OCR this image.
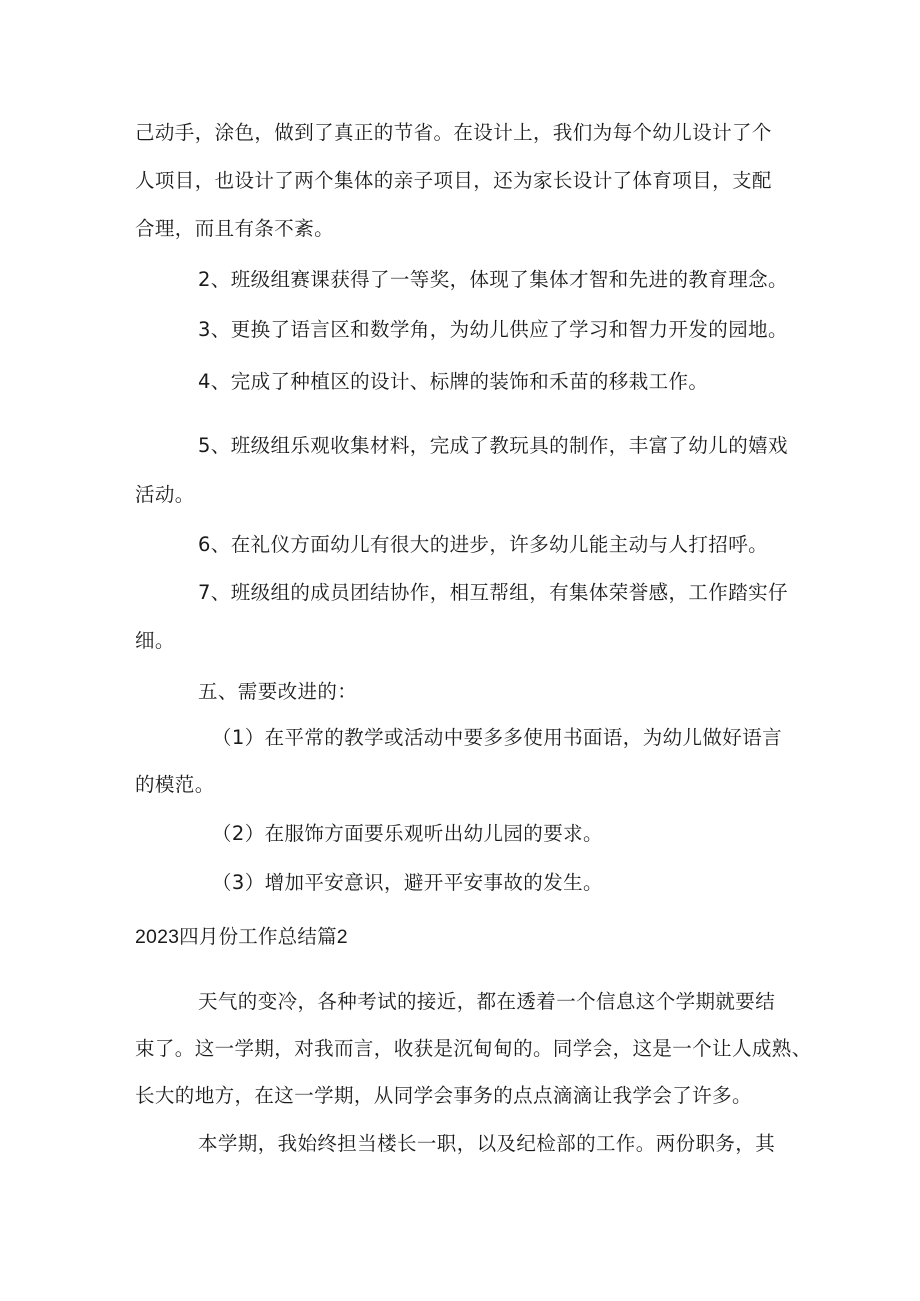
己动手，涂色，做到了真正的节省。在设计上，我们为每个幼儿设计了个
人项目，也设计了两个集体的亲子项目，还为家长设计了体育项目，支配
合理，而且有条不紊。
2、班级组赛课获得了一等奖，体现了集体才智和先进的教育理念。
3、更换了语言区和数学角，为幼儿供应了学习和智力开发的园地。
4、完成了种植区的设计、标牌的装饰和禾苗的移栽工作。
5、班级组乐观收集材料，完成了教玩具的制作，丰富了幼儿的嬉戏
活动。
6、在礼仪方面幼儿有很大的进步，许多幼儿能主动与人打招呼。
7、班级组的成员团结协作，相互帮组，有集体荣誉感，工作踏实仔
细。
五、需要改进的：
（1）在平常的教学或活动中要多多使用书面语，为幼儿做好语言
的模范。
（2）在服饰方面要乐观听出幼儿园的要求。
（3）增加平安意识，避开平安事故的发生。
2023四月份工作总结篇2
天气的变冷，各种考试的接近，都在透着一个信息这个学期就要结
束了。这一学期，对我而言，收获是沉甸甸的。同学会，这是一个让人成熟、
长大的地方，在这一学期，从同学会事务的点点滴滴让我学会了许多。
本学期，我始终担当楼长一职，以及纪检部的工作。两份职务，其
